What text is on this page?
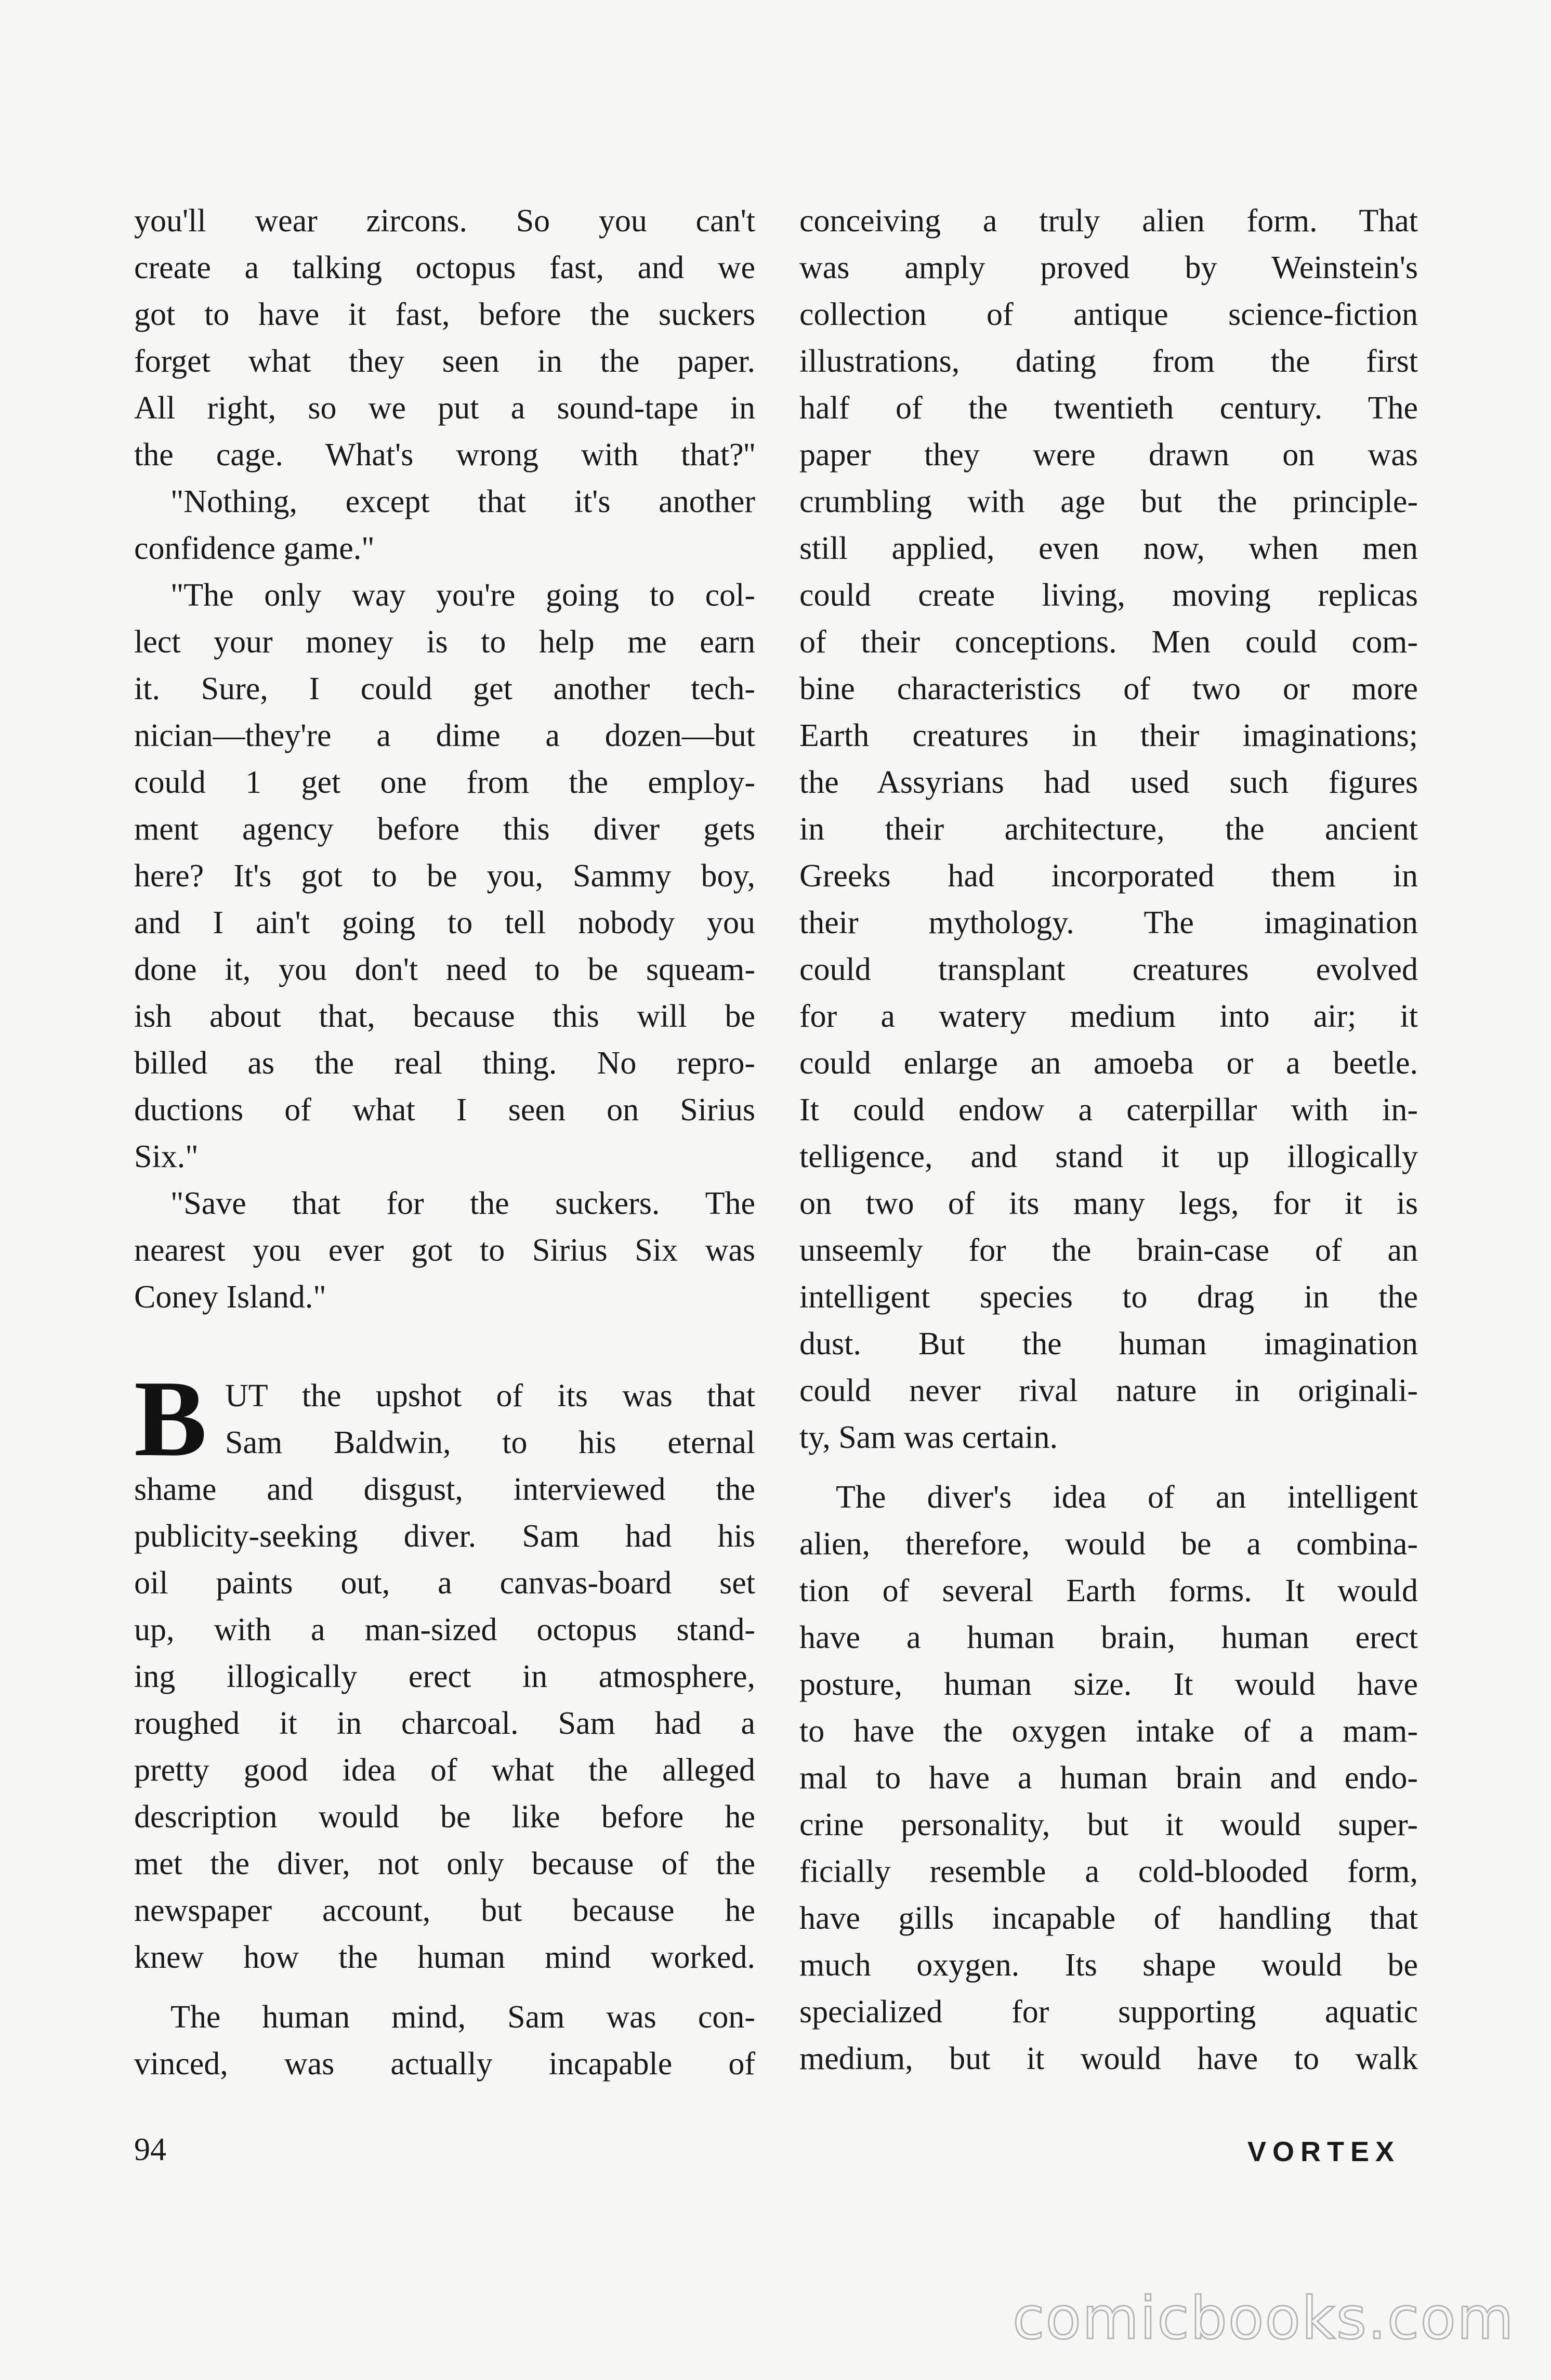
you'll wear zircons. So you can't
create a talking octopus fast, and we
got to have it fast, before the suckers
forget what they seen in the paper.
All right, so we put a sound-tape in
the cage. What's wrong with that?''

"Nothing, except that it's another
confidence game."

"The only way you're going to col-
lect your money is to help me earn
it. Sure, I could get another tech-
nician—they're a dime a dozen—but
could 1 get one from the employ-
ment agency before this diver gets
here? It's got to be you, Sammy boy,
and I ain't going to tell nobody you
done it, you don't need to be squeam-
ish about that, because this will be
billed as the real thing. No repro-
ductions of what I seen on Sirius
Six."

"Save that for the suckers. The
nearest you ever got to Sirius Six was
Coney Island."

B UT the upshot of its was that
Sam Baldwin, to his eternal
shame and disgust, interviewed the
publicity-seeking diver. Sam had his
oil paints out, a canvas-board set
up, with a man-sized octopus stand-
ing illogically erect in atmosphere,
roughed it in charcoal. Sam had a
pretty good idea of what the alleged
description would be like before he
met the diver, not only because of the
newspaper account, but because he
knew how the human mind worked.

The human mind, Sam was con-
vinced, was actually incapable of

conceiving a truly alien form. That
was amply proved by Weinstein's
collection of antique science-fiction
illustrations, dating from the first
half of the twentieth century. The
paper they were drawn on was
crumbling with age but the principle-
still applied, even now, when men
could create living, moving replicas
of their conceptions. Men could com-
bine characteristics of two or more
Earth creatures in their imaginations;
the Assyrians had used such figures
in their architecture, the ancient
Greeks had incorporated them in
their mythology. The imagination
could transplant creatures evolved
for a watery medium into air; it
could enlarge an amoeba or a beetle.
It could endow a caterpillar with in-
telligence, and stand it up illogically
on two of its many legs, for it is
unseemly for the brain-case of an
intelligent species to drag in the
dust. But the human imagination
could never rival nature in originali-
ty, Sam was certain.

The diver's idea of an intelligent
alien, therefore, would be a combina-
tion of several Earth forms. It would
have a human brain, human erect
posture, human size. It would have
to have the oxygen intake of a mam-
mal to have a human brain and endo-
crine personality, but it would super-
ficially resemble a cold-blooded form,
have gills incapable of handling that
much oxygen. Its shape would be
specialized for supporting aquatic
medium, but it would have to walk

94	VORTEX
comicbooks.com
